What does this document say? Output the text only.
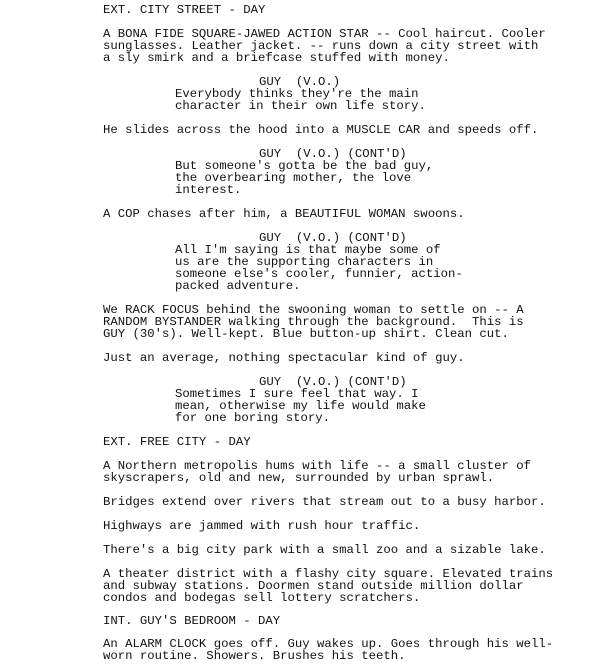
EXT. CITY STREET - DAY
A BONA FIDE SQUARE-JAWED ACTION STAR -- Cool haircut. Cooler
sunglasses. Leather jacket. -- runs down a city street with
a sly smirk and a briefcase stuffed with money.
GUY  (V.O.)
Everybody thinks they're the main
character in their own life story.
He slides across the hood into a MUSCLE CAR and speeds off.
GUY  (V.O.) (CONT'D)
But someone's gotta be the bad guy,
the overbearing mother, the love
interest.
A COP chases after him, a BEAUTIFUL WOMAN swoons.
GUY  (V.O.) (CONT'D)
All I'm saying is that maybe some of
us are the supporting characters in
someone else's cooler, funnier, action-
packed adventure.
We RACK FOCUS behind the swooning woman to settle on -- A
RANDOM BYSTANDER walking through the background.  This is
GUY (30's). Well-kept. Blue button-up shirt. Clean cut.
Just an average, nothing spectacular kind of guy.
GUY  (V.O.) (CONT'D)
Sometimes I sure feel that way. I
mean, otherwise my life would make
for one boring story.
EXT. FREE CITY - DAY
A Northern metropolis hums with life -- a small cluster of
skyscrapers, old and new, surrounded by urban sprawl.
Bridges extend over rivers that stream out to a busy harbor.
Highways are jammed with rush hour traffic.
There's a big city park with a small zoo and a sizable lake.
A theater district with a flashy city square. Elevated trains
and subway stations. Doormen stand outside million dollar
condos and bodegas sell lottery scratchers.
INT. GUY'S BEDROOM - DAY
An ALARM CLOCK goes off. Guy wakes up. Goes through his well-
worn routine. Showers. Brushes his teeth.
